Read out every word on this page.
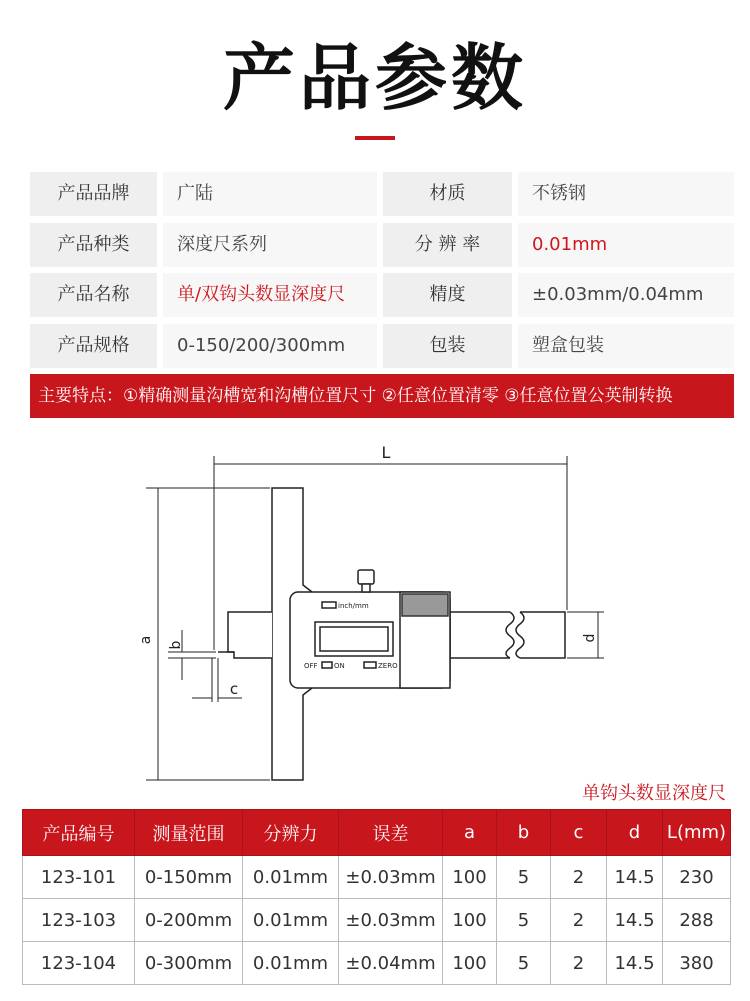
产品参数
产品品牌	广陆	材质	不锈钢
产品种类	深度尺系列	分 辨 率	0.01mm
产品名称	单/双钩头数显深度尺	精度	±0.03mm/0.04mm
产品规格	0-150/200/300mm	包装	塑盒包装
主要特点：①精确测量沟槽宽和沟槽位置尺寸 ②任意位置清零 ③任意位置公英制转换
L
a
b
c
d
inch/mm
OFF ON	ZERO
单钩头数显深度尺
产品编号	测量范围	分辨力	误差	a	b	c	d	L(mm)
123-101	0-150mm	0.01mm	±0.03mm	100	5	2	14.5	230
123-103	0-200mm	0.01mm	±0.03mm	100	5	2	14.5	288
123-104	0-300mm	0.01mm	±0.04mm	100	5	2	14.5	380
